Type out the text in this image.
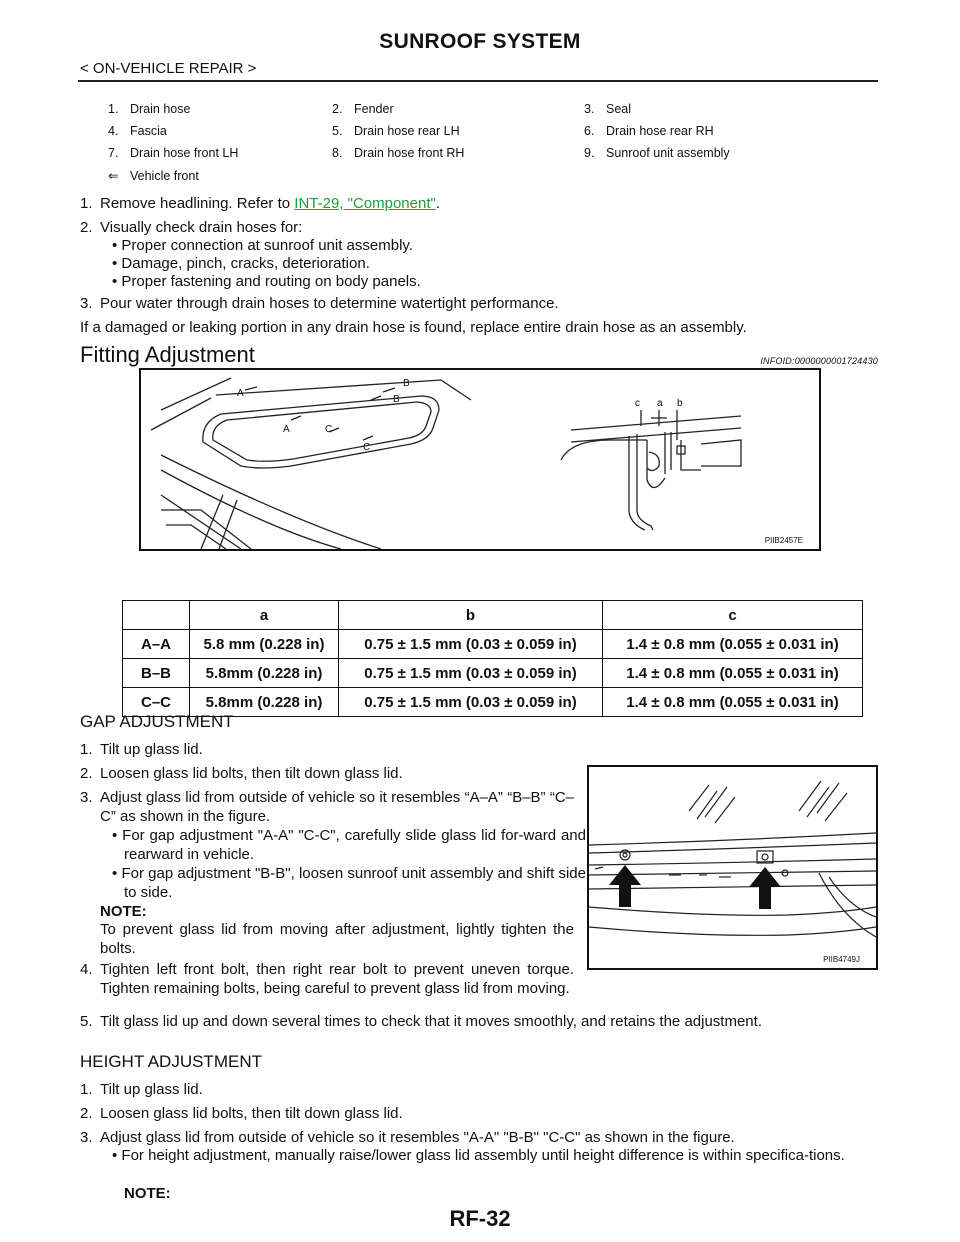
SUNROOF SYSTEM
< ON-VEHICLE REPAIR >
1. Drain hose	2. Fender	3. Seal
4. Fascia	5. Drain hose rear LH	6. Drain hose rear RH
7. Drain hose front LH	8. Drain hose front RH	9. Sunroof unit assembly
⇐ Vehicle front
1. Remove headlining. Refer to INT-29, "Component".
2. Visually check drain hoses for:
• Proper connection at sunroof unit assembly.
• Damage, pinch, cracks, deterioration.
• Proper fastening and routing on body panels.
3. Pour water through drain hoses to determine watertight performance.
If a damaged or leaking portion in any drain hose is found, replace entire drain hose as an assembly.
Fitting Adjustment	INFOID:0000000001724430
A
A
B
B
C
C
c a b
PIIB2457E
	a	b	c
A–A	5.8 mm (0.228 in)	0.75 ± 1.5 mm (0.03 ± 0.059 in)	1.4 ± 0.8 mm (0.055 ± 0.031 in)
B–B	5.8mm (0.228 in)	0.75 ± 1.5 mm (0.03 ± 0.059 in)	1.4 ± 0.8 mm (0.055 ± 0.031 in)
C–C	5.8mm (0.228 in)	0.75 ± 1.5 mm (0.03 ± 0.059 in)	1.4 ± 0.8 mm (0.055 ± 0.031 in)
GAP ADJUSTMENT
1. Tilt up glass lid.
2. Loosen glass lid bolts, then tilt down glass lid.
3. Adjust glass lid from outside of vehicle so it resembles “A–A” “B–B” “C–C” as shown in the figure.
• For gap adjustment "A-A" "C-C", carefully slide glass lid for-ward and rearward in vehicle.
• For gap adjustment "B-B", loosen sunroof unit assembly and shift side to side.
NOTE:
To prevent glass lid from moving after adjustment, lightly tighten the bolts.
4. Tighten left front bolt, then right rear bolt to prevent uneven torque. Tighten remaining bolts, being careful to prevent glass lid from moving.
5. Tilt glass lid up and down several times to check that it moves smoothly, and retains the adjustment.
PIIB4749J
HEIGHT ADJUSTMENT
1. Tilt up glass lid.
2. Loosen glass lid bolts, then tilt down glass lid.
3. Adjust glass lid from outside of vehicle so it resembles "A-A" "B-B" "C-C" as shown in the figure.
• For height adjustment, manually raise/lower glass lid assembly until height difference is within specifica-tions.
NOTE:
RF-32
